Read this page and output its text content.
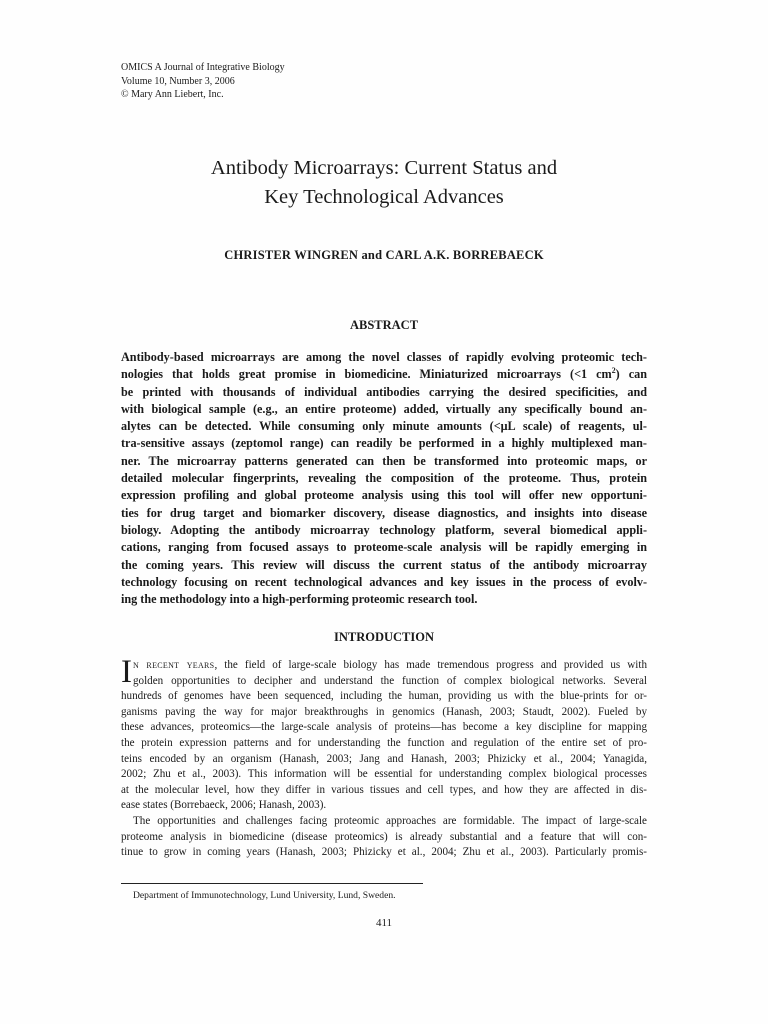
OMICS A Journal of Integrative Biology
Volume 10, Number 3, 2006
© Mary Ann Liebert, Inc.
Antibody Microarrays: Current Status and
Key Technological Advances
CHRISTER WINGREN and CARL A.K. BORREBAECK
ABSTRACT
Antibody-based microarrays are among the novel classes of rapidly evolving proteomic tech-
nologies that holds great promise in biomedicine. Miniaturized microarrays (<1 $cm^2$) can
be printed with thousands of individual antibodies carrying the desired specificities, and
with biological sample (e.g., an entire proteome) added, virtually any specifically bound an-
alytes can be detected. While consuming only minute amounts (<μL scale) of reagents, ul-
tra-sensitive assays (zeptomol range) can readily be performed in a highly multiplexed man-
ner. The microarray patterns generated can then be transformed into proteomic maps, or
detailed molecular fingerprints, revealing the composition of the proteome. Thus, protein
expression profiling and global proteome analysis using this tool will offer new opportuni-
ties for drug target and biomarker discovery, disease diagnostics, and insights into disease
biology. Adopting the antibody microarray technology platform, several biomedical appli-
cations, ranging from focused assays to proteome-scale analysis will be rapidly emerging in
the coming years. This review will discuss the current status of the antibody microarray
technology focusing on recent technological advances and key issues in the process of evolv-
ing the methodology into a high-performing proteomic research tool.
INTRODUCTION
I n recent years, the field of large-scale biology has made tremendous progress and provided us with
golden opportunities to decipher and understand the function of complex biological networks. Several
hundreds of genomes have been sequenced, including the human, providing us with the blue-prints for or-
ganisms paving the way for major breakthroughs in genomics (Hanash, 2003; Staudt, 2002). Fueled by
these advances, proteomics—the large-scale analysis of proteins—has become a key discipline for mapping
the protein expression patterns and for understanding the function and regulation of the entire set of pro-
teins encoded by an organism (Hanash, 2003; Jang and Hanash, 2003; Phizicky et al., 2004; Yanagida,
2002; Zhu et al., 2003). This information will be essential for understanding complex biological processes
at the molecular level, how they differ in various tissues and cell types, and how they are affected in dis-
ease states (Borrebaeck, 2006; Hanash, 2003).
The opportunities and challenges facing proteomic approaches are formidable. The impact of large-scale
proteome analysis in biomedicine (disease proteomics) is already substantial and a feature that will con-
tinue to grow in coming years (Hanash, 2003; Phizicky et al., 2004; Zhu et al., 2003). Particularly promis-
Department of Immunotechnology, Lund University, Lund, Sweden.
411
